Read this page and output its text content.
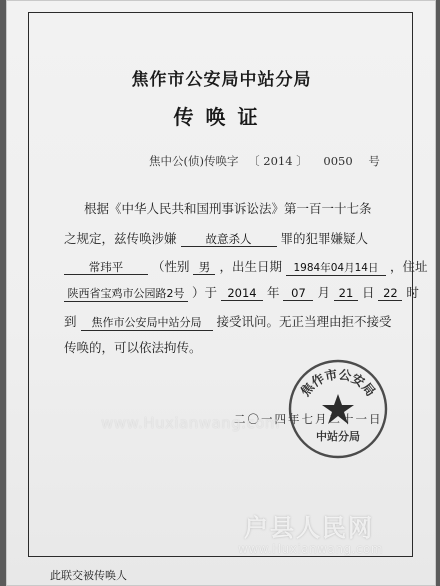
焦作市公安局中站分局
传唤证
焦中公(侦)传唤字 〔 2014 〕 0050 号
根据《中华人民共和国刑事诉讼法》第一百一十七条
之规定，兹传唤涉嫌	故意杀人 罪的犯罪嫌疑人
常玮平 （性别 男 ，出生日期 1984年04月14日 ，住址
陕西省宝鸡市公园路2号 ）于 2014 年 07 月 21 日 22 时
到 焦作市公安局中站分局 接受讯问。无正当理由拒不接受
传唤的，可以依法拘传。
二〇一四年七月二十一日
焦作市公安局
中站分局
www.Huxianwang.com
户县人民网
www.Huxianwang.com
此联交被传唤人
